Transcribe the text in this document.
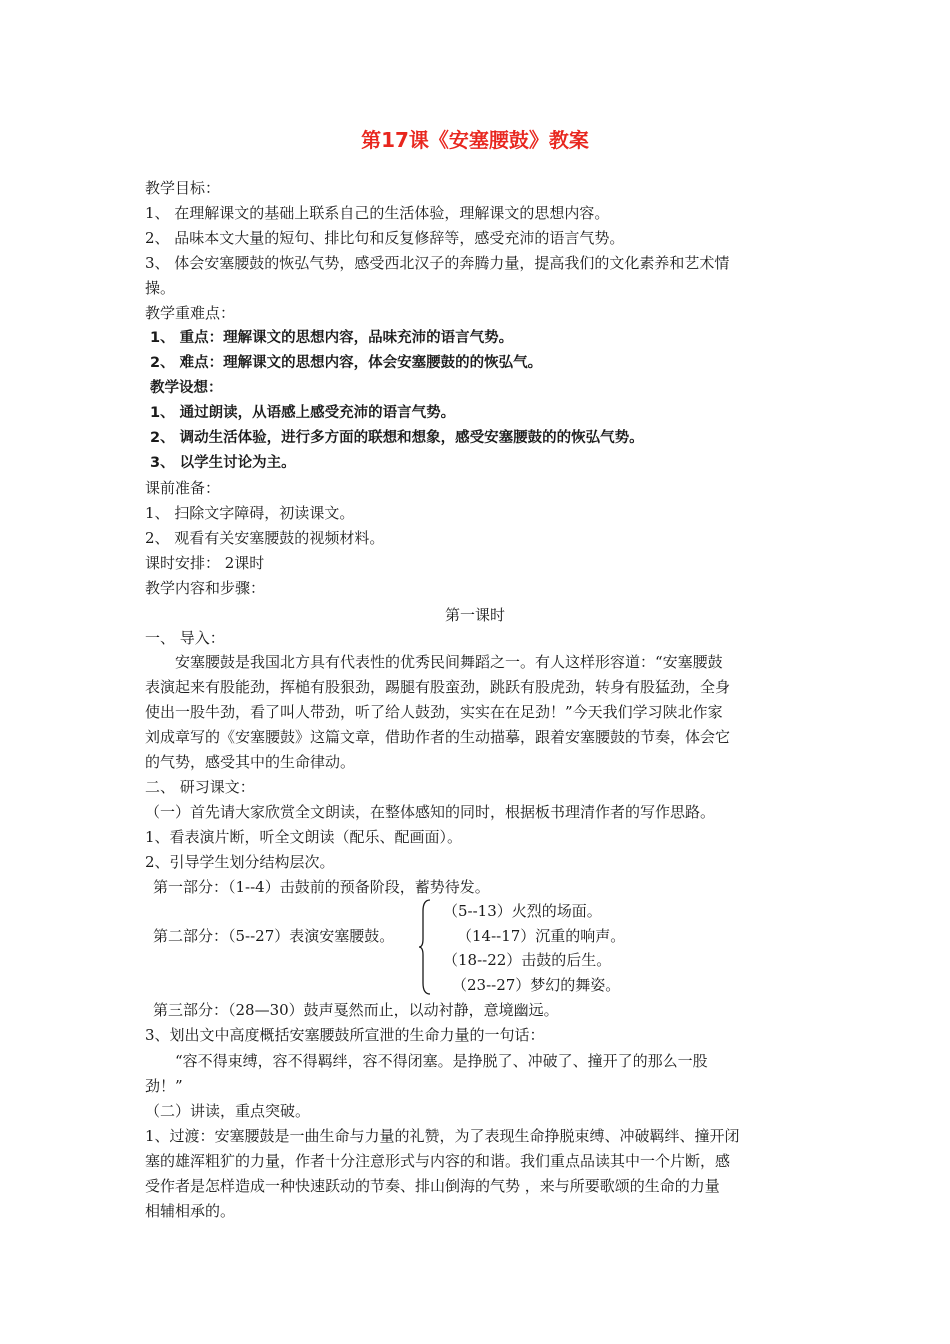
第17课《安塞腰鼓》教案
教学目标：
1、 在理解课文的基础上联系自己的生活体验，理解课文的思想内容。
2、 品味本文大量的短句、排比句和反复修辞等，感受充沛的语言气势。
3、 体会安塞腰鼓的恢弘气势，感受西北汉子的奔腾力量，提高我们的文化素养和艺术情
操。
教学重难点：
1、 重点：理解课文的思想内容，品味充沛的语言气势。
2、 难点：理解课文的思想内容，体会安塞腰鼓的的恢弘气。
教学设想：
1、 通过朗读，从语感上感受充沛的语言气势。
2、 调动生活体验，进行多方面的联想和想象，感受安塞腰鼓的的恢弘气势。
3、 以学生讨论为主。
课前准备：
1、 扫除文字障碍，初读课文。
2、 观看有关安塞腰鼓的视频材料。
课时安排： 2课时
教学内容和步骤：
第一课时
一、 导入：
安塞腰鼓是我国北方具有代表性的优秀民间舞蹈之一。有人这样形容道：“安塞腰鼓
表演起来有股能劲，挥槌有股狠劲，踢腿有股蛮劲，跳跃有股虎劲，转身有股猛劲，全身
使出一股牛劲，看了叫人带劲，听了给人鼓劲，实实在在足劲！”今天我们学习陕北作家
刘成章写的《安塞腰鼓》这篇文章，借助作者的生动描摹，跟着安塞腰鼓的节奏，体会它
的气势，感受其中的生命律动。
二、 研习课文：
（一）首先请大家欣赏全文朗读，在整体感知的同时，根据板书理清作者的写作思路。
1、看表演片断，听全文朗读（配乐、配画面）。
2、引导学生划分结构层次。
第一部分：（1--4）击鼓前的预备阶段，蓄势待发。
第二部分：（5--27）表演安塞腰鼓。
（5--13）火烈的场面。
（14--17）沉重的响声。
（18--22）击鼓的后生。
（23--27）梦幻的舞姿。
第三部分：（28—30）鼓声戛然而止，以动衬静，意境幽远。
3、划出文中高度概括安塞腰鼓所宣泄的生命力量的一句话：
“容不得束缚，容不得羁绊，容不得闭塞。是挣脱了、冲破了、撞开了的那么一股
劲！”
（二）讲读，重点突破。
1、过渡：安塞腰鼓是一曲生命与力量的礼赞，为了表现生命挣脱束缚、冲破羁绊、撞开闭
塞的雄浑粗犷的力量，作者十分注意形式与内容的和谐。我们重点品读其中一个片断，感
受作者是怎样造成一种快速跃动的节奏、排山倒海的气势 ，来与所要歌颂的生命的力量
相辅相承的。
